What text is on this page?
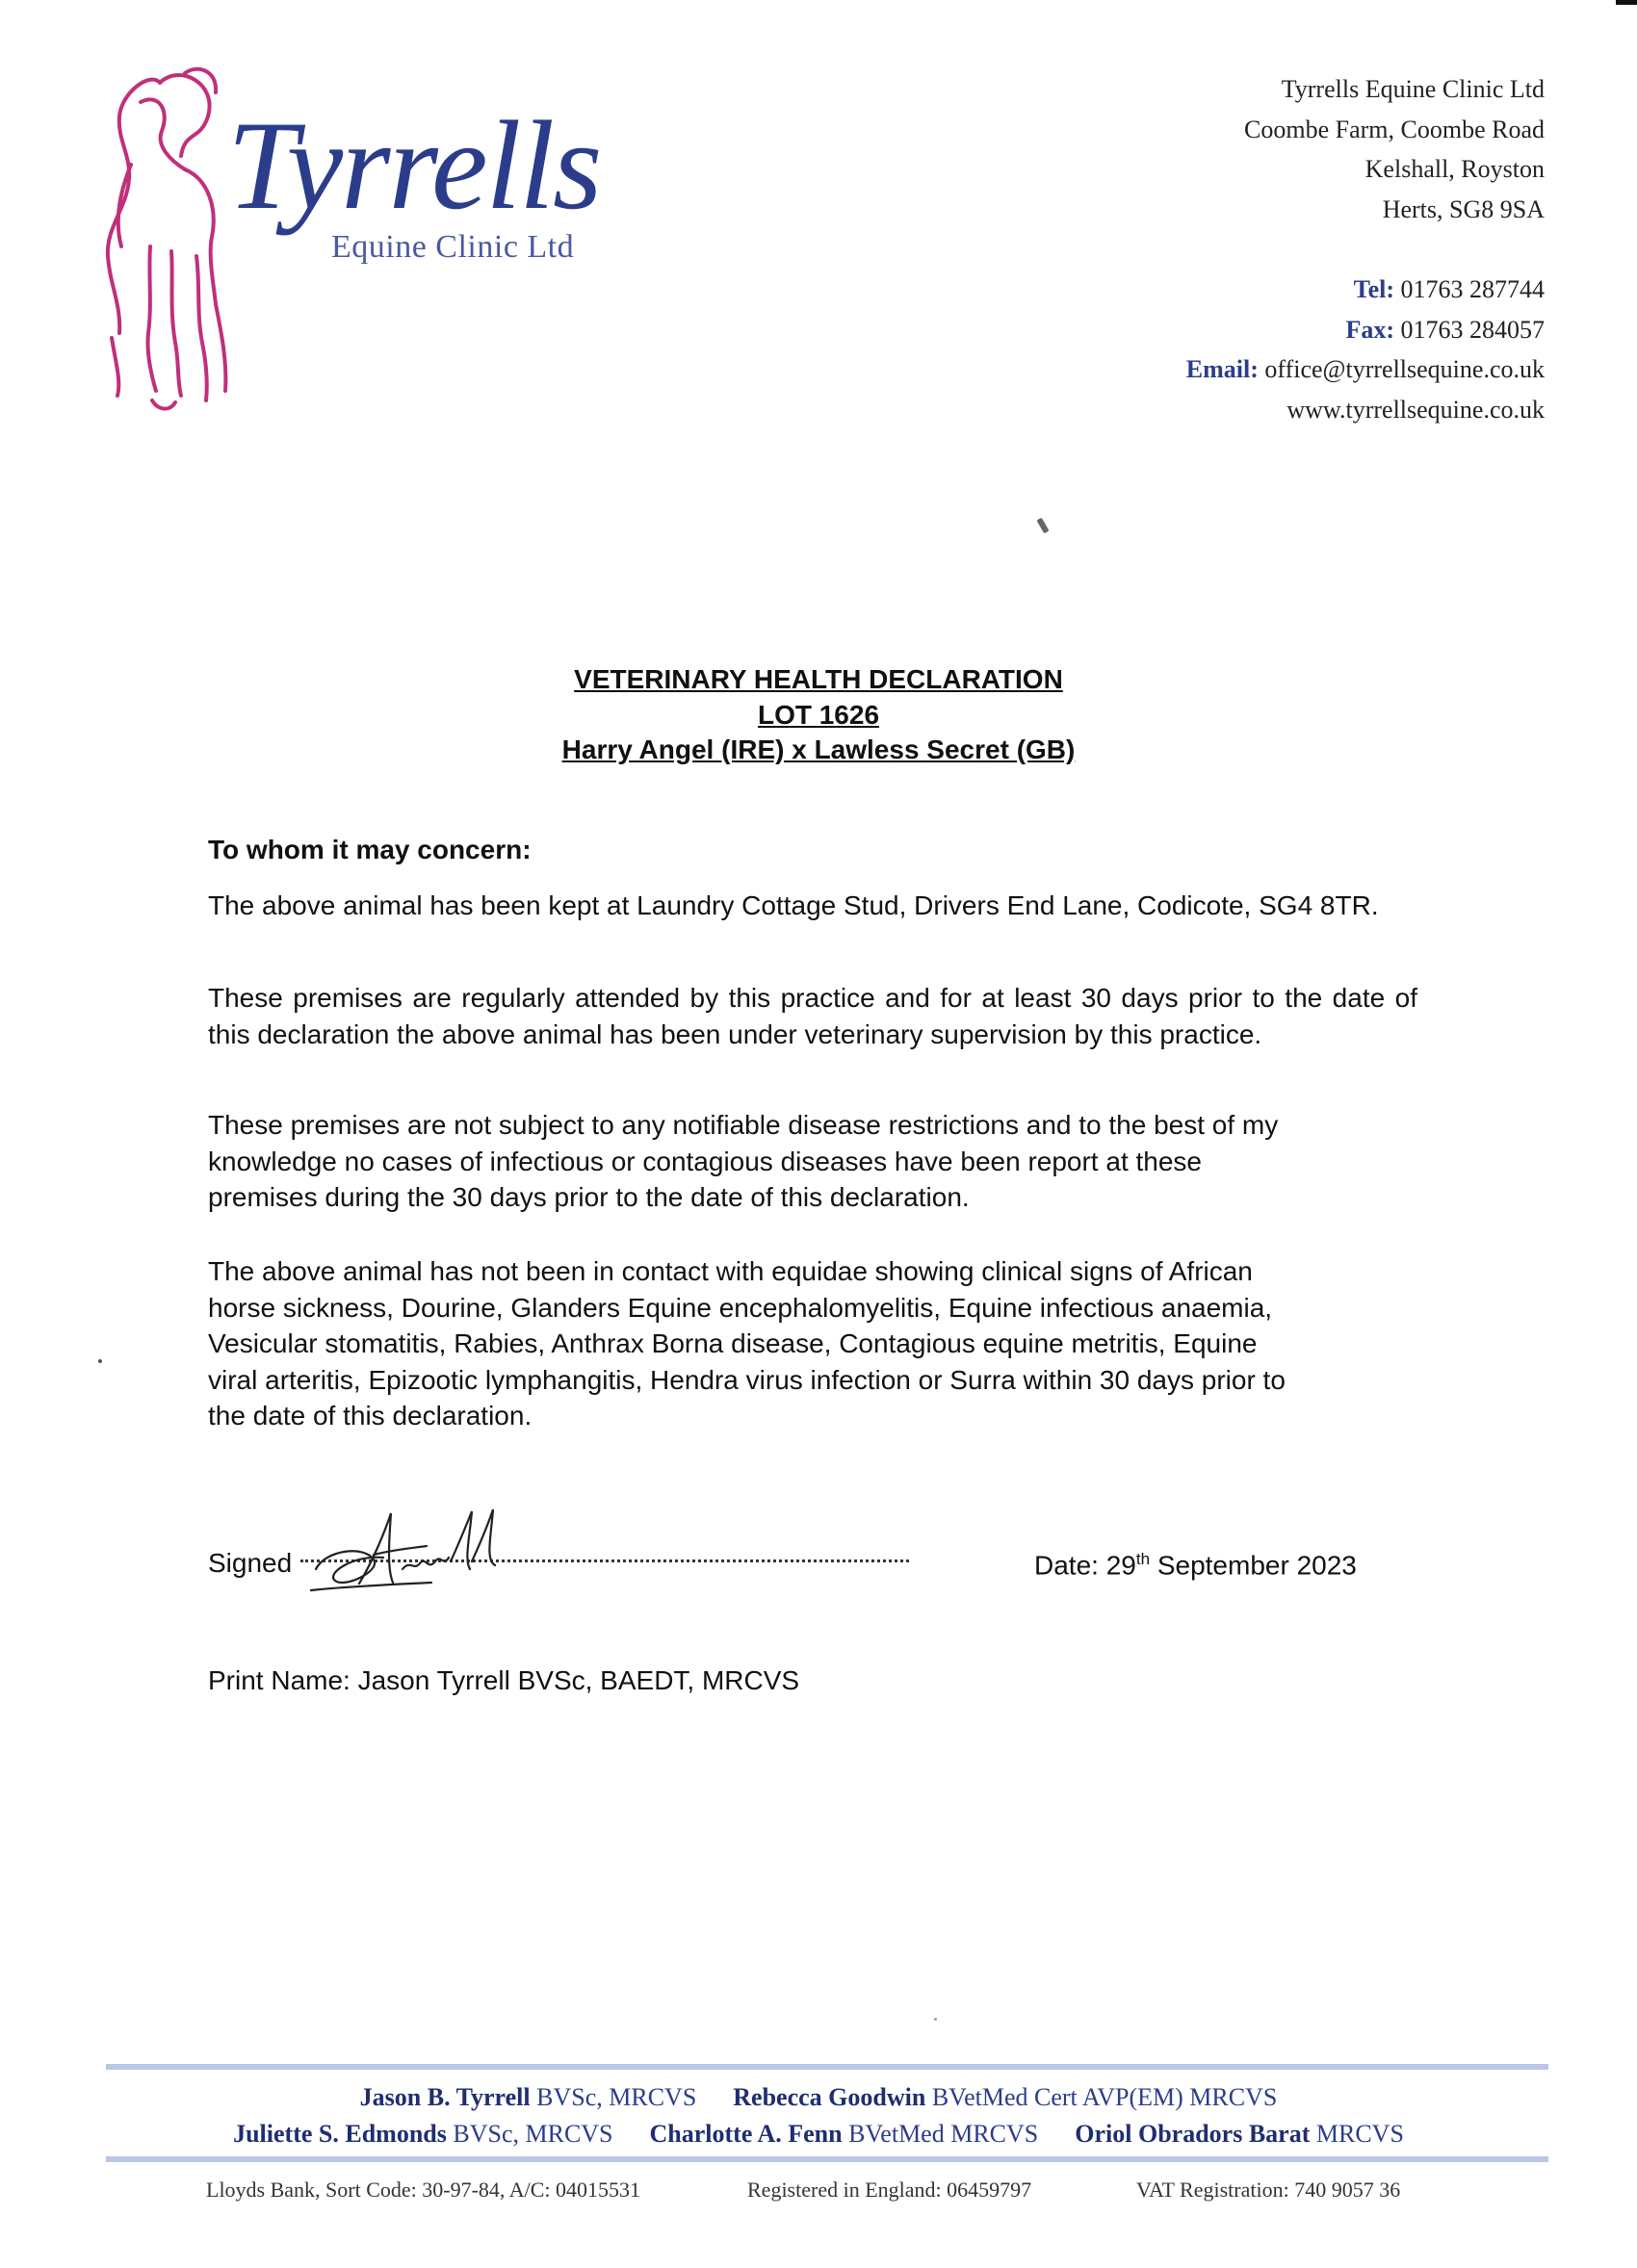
Tyrrells
Equine Clinic Ltd
Tyrrells Equine Clinic Ltd
Coombe Farm, Coombe Road
Kelshall, Royston
Herts, SG8 9SA
Tel: 01763 287744
Fax: 01763 284057
Email: office@tyrrellsequine.co.uk
www.tyrrellsequine.co.uk
VETERINARY HEALTH DECLARATION
LOT 1626
Harry Angel (IRE) x Lawless Secret (GB)
To whom it may concern:
The above animal has been kept at Laundry Cottage Stud, Drivers End Lane, Codicote, SG4 8TR.
These premises are regularly attended by this practice and for at least 30 days prior to the date of this declaration the above animal has been under veterinary supervision by this practice.
These premises are not subject to any notifiable disease restrictions and to the best of my
knowledge no cases of infectious or contagious diseases have been report at these
premises during the 30 days prior to the date of this declaration.
The above animal has not been in contact with equidae showing clinical signs of African
horse sickness, Dourine, Glanders Equine encephalomyelitis, Equine infectious anaemia,
Vesicular stomatitis, Rabies, Anthrax Borna disease, Contagious equine metritis, Equine
viral arteritis, Epizootic lymphangitis, Hendra virus infection or Surra within 30 days prior to
the date of this declaration.
Signed	Date: 29th September 2023
Print Name: Jason Tyrrell BVSc, BAEDT, MRCVS
Jason B. Tyrrell BVSc, MRCVS Rebecca Goodwin BVetMed Cert AVP(EM) MRCVS
Juliette S. Edmonds BVSc, MRCVS Charlotte A. Fenn BVetMed MRCVS Oriol Obradors Barat MRCVS
Lloyds Bank, Sort Code: 30-97-84, A/C: 04015531	Registered in England: 06459797	VAT Registration: 740 9057 36
